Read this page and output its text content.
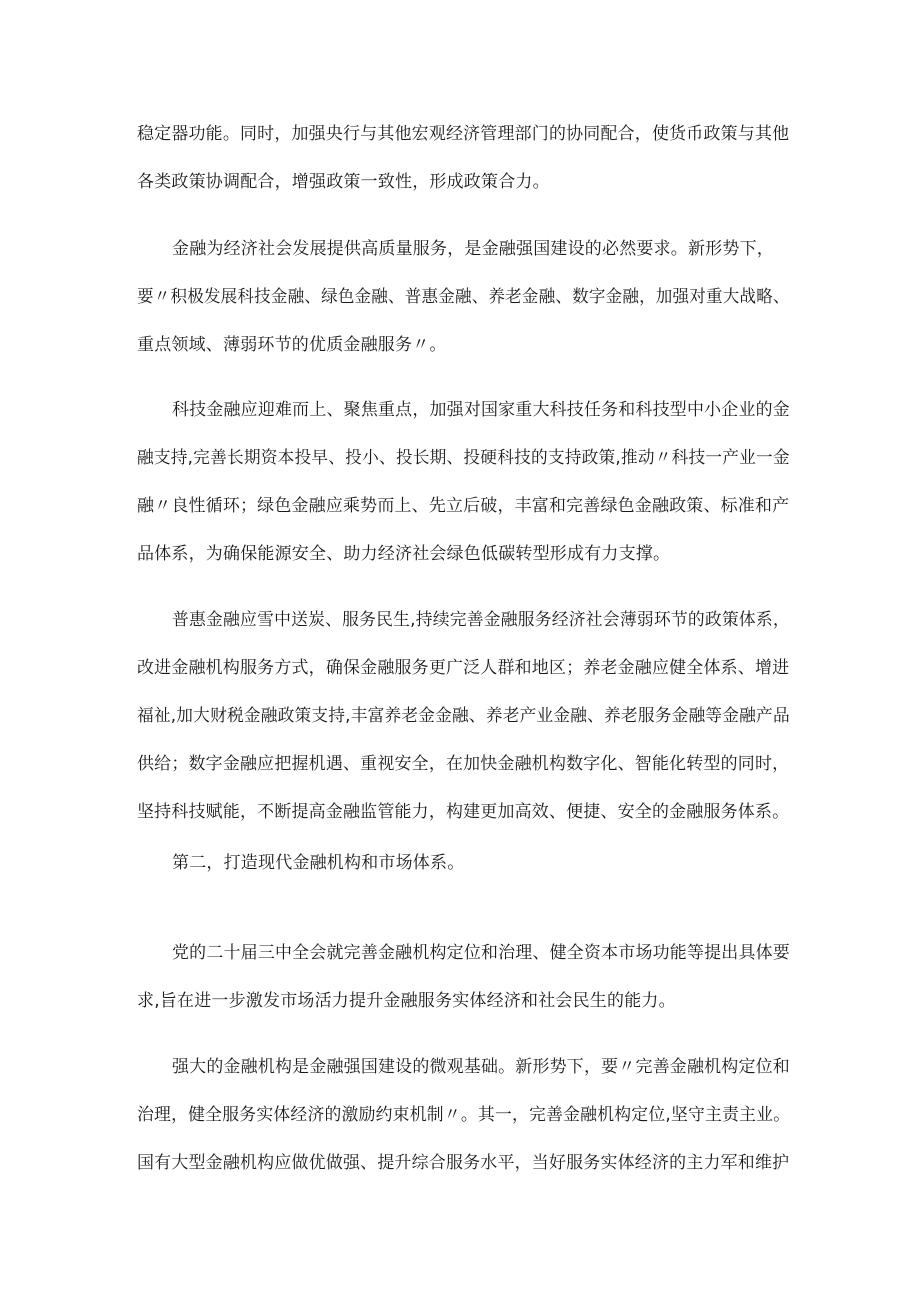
稳定器功能。同时，加强央行与其他宏观经济管理部门的协同配合，使货币政策与其他
各类政策协调配合，增强政策一致性，形成政策合力。
金融为经济社会发展提供高质量服务，是金融强国建设的必然要求。新形势下，
要〃积极发展科技金融、绿色金融、普惠金融、养老金融、数字金融，加强对重大战略、
重点领域、薄弱环节的优质金融服务〃。
科技金融应迎难而上、聚焦重点，加强对国家重大科技任务和科技型中小企业的金
融支持,完善长期资本投早、投小、投长期、投硬科技的支持政策,推动〃科技一产业一金
融〃良性循环；绿色金融应乘势而上、先立后破，丰富和完善绿色金融政策、标准和产
品体系，为确保能源安全、助力经济社会绿色低碳转型形成有力支撑。
普惠金融应雪中送炭、服务民生,持续完善金融服务经济社会薄弱环节的政策体系，
改进金融机构服务方式，确保金融服务更广泛人群和地区；养老金融应健全体系、增进
福祉,加大财税金融政策支持,丰富养老金金融、养老产业金融、养老服务金融等金融产品
供给；数字金融应把握机遇、重视安全，在加快金融机构数字化、智能化转型的同时，
坚持科技赋能，不断提高金融监管能力，构建更加高效、便捷、安全的金融服务体系。
第二，打造现代金融机构和市场体系。
党的二十届三中全会就完善金融机构定位和治理、健全资本市场功能等提出具体要
求,旨在进一步激发市场活力提升金融服务实体经济和社会民生的能力。
强大的金融机构是金融强国建设的微观基础。新形势下，要〃完善金融机构定位和
治理，健全服务实体经济的激励约束机制〃。其一，完善金融机构定位,坚守主责主业。
国有大型金融机构应做优做强、提升综合服务水平，当好服务实体经济的主力军和维护
